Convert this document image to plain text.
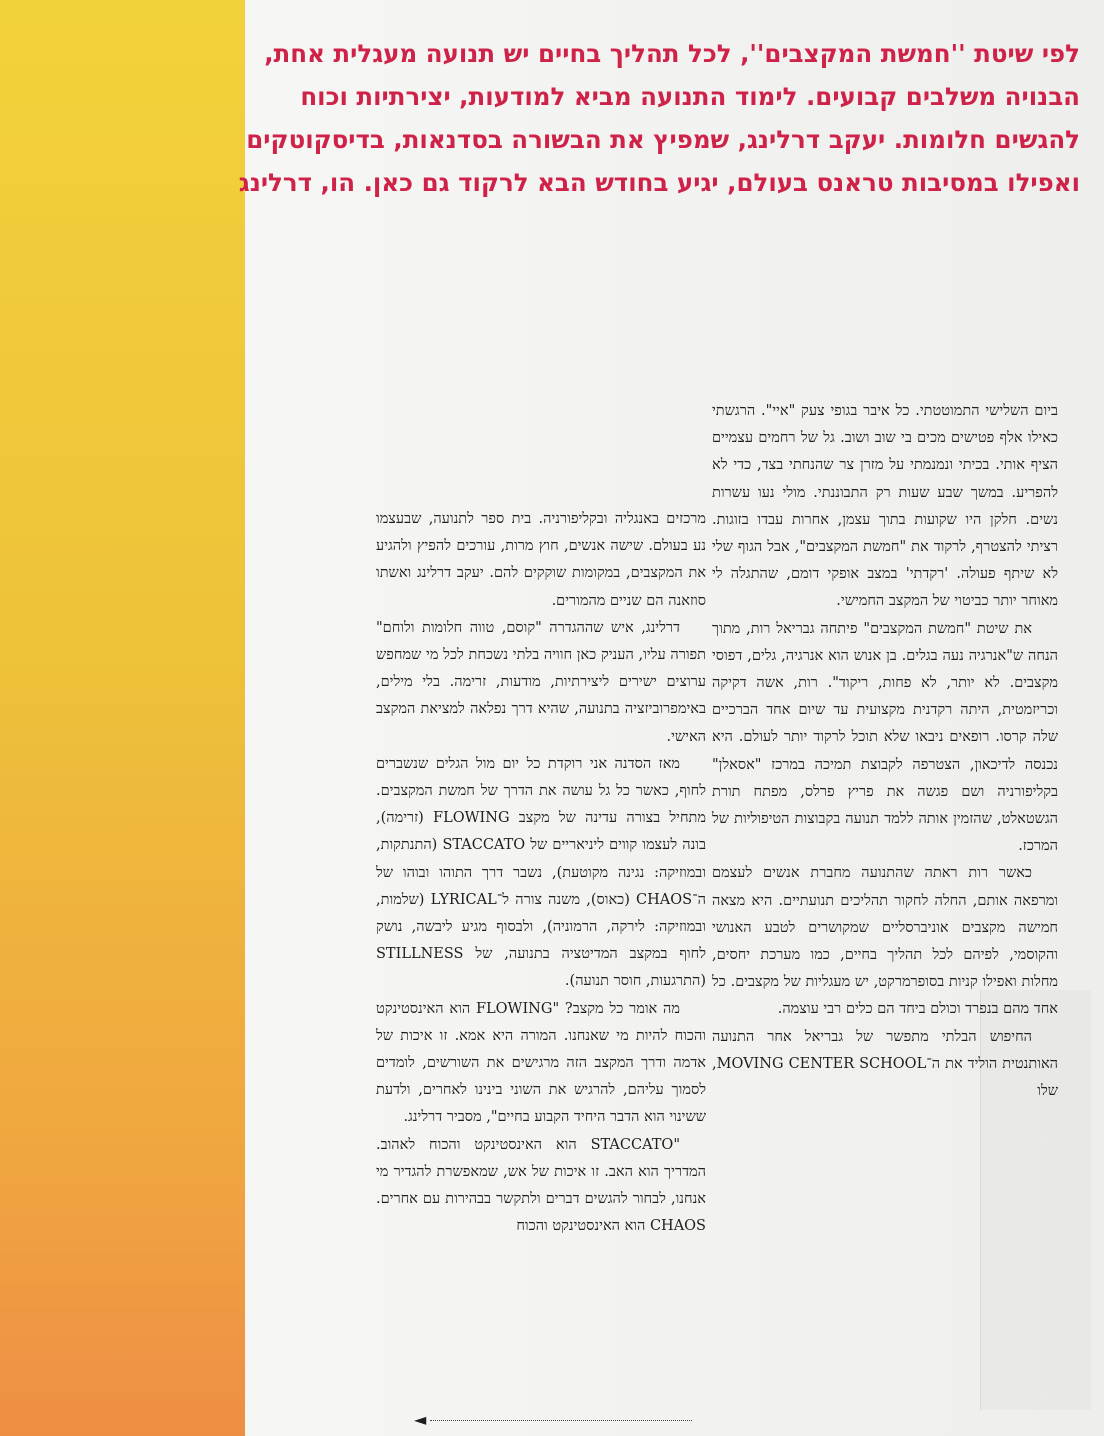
לפי שיטת ''חמשת המקצבים'', לכל תהליך בחיים יש תנועה מעגלית אחת,
הבנויה משלבים קבועים. לימוד התנועה מביא למודעות, יצירתיות וכוח
להגשים חלומות. יעקב דרלינג, שמפיץ את הבשורה בסדנאות, בדיסקוטקים
ואפילו במסיבות טראנס בעולם, יגיע בחודש הבא לרקוד גם כאן. הו, דרלינג

ביום השלישי התמוטטתי. כל איבר בגופי צעק "איי". הרגשתי כאילו אלף פטישים מכים בי שוב ושוב. גל של רחמים עצמיים הציף אותי. בכיתי ונמנמתי על מזרן צר שהנחתי בצד, כדי לא להפריע. במשך שבע שעות רק התבוננתי. מולי נעו עשרות נשים. חלקן היו שקועות בתוך עצמן, אחרות עבדו בזוגות. רציתי להצטרף, לרקוד את "חמשת המקצבים", אבל הגוף שלי לא שיתף פעולה. 'רקדתי' במצב אופקי דומם, שהתגלה לי מאוחר יותר כביטוי של המקצב החמישי.

את שיטת "חמשת המקצבים" פיתחה גבריאל רות, מתוך הנחה ש"אנרגיה נעה בגלים. בן אנוש הוא אנרגיה, גלים, דפוסי מקצבים. לא יותר, לא פחות, ריקוד". רות, אשה דקיקה וכריזמטית, היתה רקדנית מקצועית עד שיום אחד הברכיים שלה קרסו. רופאים ניבאו שלא תוכל לרקוד יותר לעולם. היא נכנסה לדיכאון, הצטרפה לקבוצת תמיכה במרכז "אסאלן" בקליפורניה ושם פגשה את פריץ פרלס, מפתח תורת הגשטאלט, שהזמין אותה ללמד תנועה בקבוצות הטיפוליות של המרכז.

כאשר רות ראתה שהתנועה מחברת אנשים לעצמם ומרפאה אותם, החלה לחקור תהליכים תנועתיים. היא מצאה חמישה מקצבים אוניברסליים שמקושרים לטבע האנושי והקוסמי, לפיהם לכל תהליך בחיים, כמו מערכת יחסים, מחלות ואפילו קניות בסופרמרקט, יש מעגליות של מקצבים. כל אחד מהם בנפרד וכולם ביחד הם כלים רבי עוצמה.

החיפוש הבלתי מתפשר של גבריאל אחר התנועה האותנטית הוליד את ה־MOVING CENTER SCHOOL, שלו

מרכזים באנגליה ובקליפורניה. בית ספר לתנועה, שבעצמו נע בעולם. שישה אנשים, חוץ מרות, עורכים להפיץ ולהגיע את המקצבים, במקומות שוקקים להם. יעקב דרלינג ואשתו סוזאנה הם שניים מהמורים.

דרלינג, איש שההגדרה "קוסם, טווה חלומות ולוחם" תפורה עליו, העניק כאן חוויה בלתי נשכחת לכל מי שמחפש ערוצים ישירים ליצירתיות, מודעות, זרימה. בלי מילים, באימפרוביזציה בתנועה, שהיא דרך נפלאה למציאת המקצב האישי.

מאז הסדנה אני רוקדת כל יום מול הגלים שנשברים לחוף, כאשר כל גל עושה את הדרך של חמשת המקצבים. מתחיל בצורה עדינה של מקצב FLOWING (זרימה), בונה לעצמו קווים ליניאריים של STACCATO (התנתקות, ובמוזיקה: נגינה מקוטעת), נשבר דרך התוהו ובוהו של ה־CHAOS (כאוס), משנה צורה ל־LYRICAL (שלמות, ובמוזיקה: לירקה, הרמוניה), ולבסוף מגיע ליבשה, נושק לחוף במקצב המדיטציה בתנועה, של STILLNESS (התרגעות, חוסר תנועה).

מה אומר כל מקצב? "FLOWING הוא האינסטינקט והכוח להיות מי שאנחנו. המורה היא אמא. זו איכות של אדמה ודרך המקצב הזה מרגישים את השורשים, לומדים לסמוך עליהם, להרגיש את השוני בינינו לאחרים, ולדעת ששינוי הוא הדבר היחיד הקבוע בחיים", מסביר דרלינג.

"STACCATO הוא האינסטינקט והכוח לאהוב. המדריך הוא האב. זו איכות של אש, שמאפשרת להגדיר מי אנחנו, לבחור להגשים דברים ולתקשר בבהירות עם אחרים. CHAOS הוא האינסטינקט והכוח

◄
